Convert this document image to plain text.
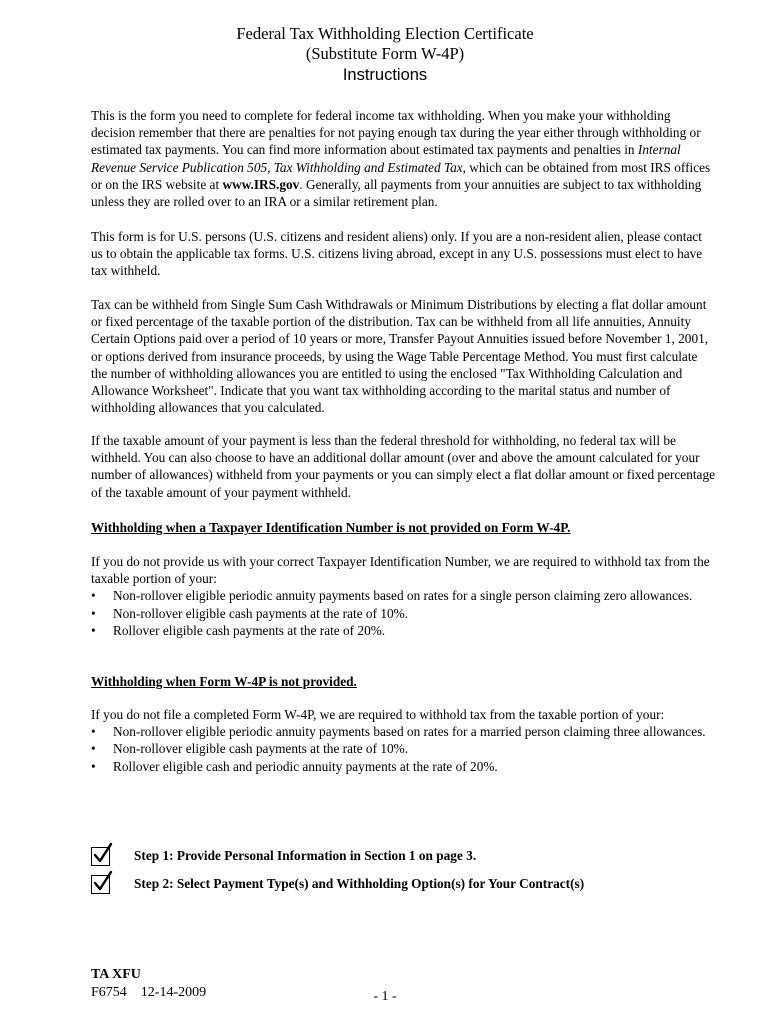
Federal Tax Withholding Election Certificate
(Substitute Form W-4P)
Instructions

This is the form you need to complete for federal income tax withholding. When you make your withholding decision remember that there are penalties for not paying enough tax during the year either through withholding or estimated tax payments. You can find more information about estimated tax payments and penalties in Internal Revenue Service Publication 505, Tax Withholding and Estimated Tax, which can be obtained from most IRS offices or on the IRS website at www.IRS.gov. Generally, all payments from your annuities are subject to tax withholding unless they are rolled over to an IRA or a similar retirement plan.

This form is for U.S. persons (U.S. citizens and resident aliens) only. If you are a non-resident alien, please contact us to obtain the applicable tax forms. U.S. citizens living abroad, except in any U.S. possessions must elect to have tax withheld.

Tax can be withheld from Single Sum Cash Withdrawals or Minimum Distributions by electing a flat dollar amount or fixed percentage of the taxable portion of the distribution. Tax can be withheld from all life annuities, Annuity Certain Options paid over a period of 10 years or more, Transfer Payout Annuities issued before November 1, 2001, or options derived from insurance proceeds, by using the Wage Table Percentage Method. You must first calculate the number of withholding allowances you are entitled to using the enclosed "Tax Withholding Calculation and Allowance Worksheet". Indicate that you want tax withholding according to the marital status and number of withholding allowances that you calculated.

If the taxable amount of your payment is less than the federal threshold for withholding, no federal tax will be withheld. You can also choose to have an additional dollar amount (over and above the amount calculated for your number of allowances) withheld from your payments or you can simply elect a flat dollar amount or fixed percentage of the taxable amount of your payment withheld.

Withholding when a Taxpayer Identification Number is not provided on Form W-4P.

If you do not provide us with your correct Taxpayer Identification Number, we are required to withhold tax from the taxable portion of your:

• Non-rollover eligible periodic annuity payments based on rates for a single person claiming zero allowances.
• Non-rollover eligible cash payments at the rate of 10%.
• Rollover eligible cash payments at the rate of 20%.

Withholding when Form W-4P is not provided.

If you do not file a completed Form W-4P, we are required to withhold tax from the taxable portion of your:

• Non-rollover eligible periodic annuity payments based on rates for a married person claiming three allowances.
• Non-rollover eligible cash payments at the rate of 10%.
• Rollover eligible cash and periodic annuity payments at the rate of 20%.
Step 1: Provide Personal Information in Section 1 on page 3.
Step 2: Select Payment Type(s) and Withholding Option(s) for Your Contract(s)
TA XFU
F6754    12-14-2009	- 1 -
